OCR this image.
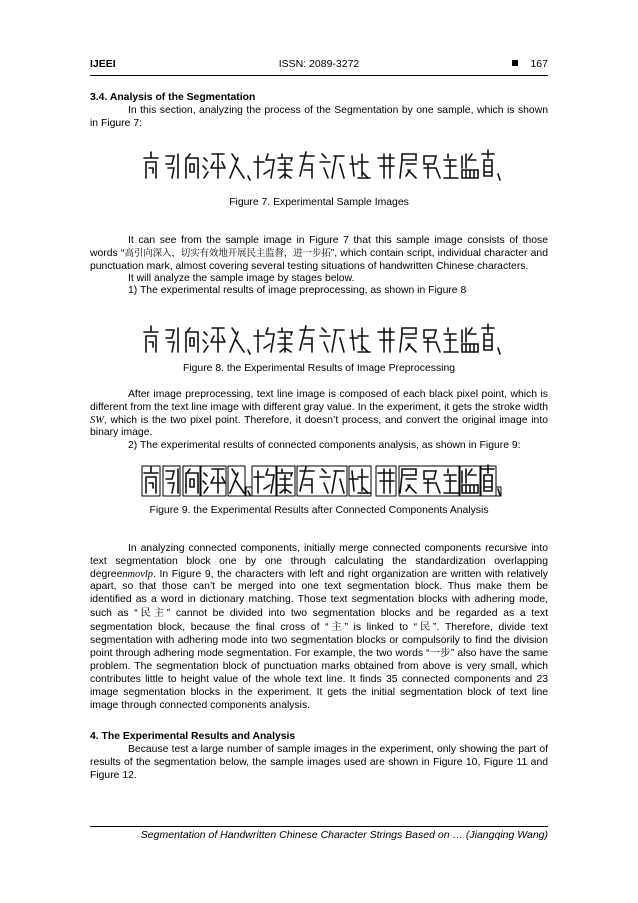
IJEEI	ISSN: 2089-3272	167

3.4. Analysis of the Segmentation

In this section, analyzing the process of the Segmentation by one sample, which is shown in Figure 7:

Figure 7. Experimental Sample Images

It can see from the sample image in Figure 7 that this sample image consists of those words “高引向深入，切实有效地开展民主监督，进一步拓”, which contain script, individual character and punctuation mark, almost covering several testing situations of handwritten Chinese characters.

It will analyze the sample image by stages below.

1) The experimental results of image preprocessing, as shown in Figure 8

Figure 8. the Experimental Results of Image Preprocessing

After image preprocessing, text line image is composed of each black pixel point, which is different from the text line image with different gray value. In the experiment, it gets the stroke width SW, which is the two pixel point. Therefore, it doesn’t process, and convert the original image into binary image.

2) The experimental results of connected components analysis, as shown in Figure 9:

Figure 9. the Experimental Results after Connected Components Analysis

In analyzing connected components, initially merge connected components recursive into text segmentation block one by one through calculating the standardization overlapping degreenmovlp. In Figure 9, the characters with left and right organization are written with relatively apart, so that those can’t be merged into one text segmentation block. Thus make them be identified as a word in dictionary matching. Those text segmentation blocks with adhering mode, such as “民主” cannot be divided into two segmentation blocks and be regarded as a text segmentation block, because the final cross of “主” is linked to “民”. Therefore, divide text segmentation with adhering mode into two segmentation blocks or compulsorily to find the division point through adhering mode segmentation. For example, the two words “一步” also have the same problem. The segmentation block of punctuation marks obtained from above is very small, which contributes little to height value of the whole text line. It finds 35 connected components and 23 image segmentation blocks in the experiment. It gets the initial segmentation block of text line image through connected components analysis.

4. The Experimental Results and Analysis

Because test a large number of sample images in the experiment, only showing the part of results of the segmentation below, the sample images used are shown in Figure 10, Figure 11 and Figure 12.

Segmentation of Handwritten Chinese Character Strings Based on … (Jiangqing Wang)
